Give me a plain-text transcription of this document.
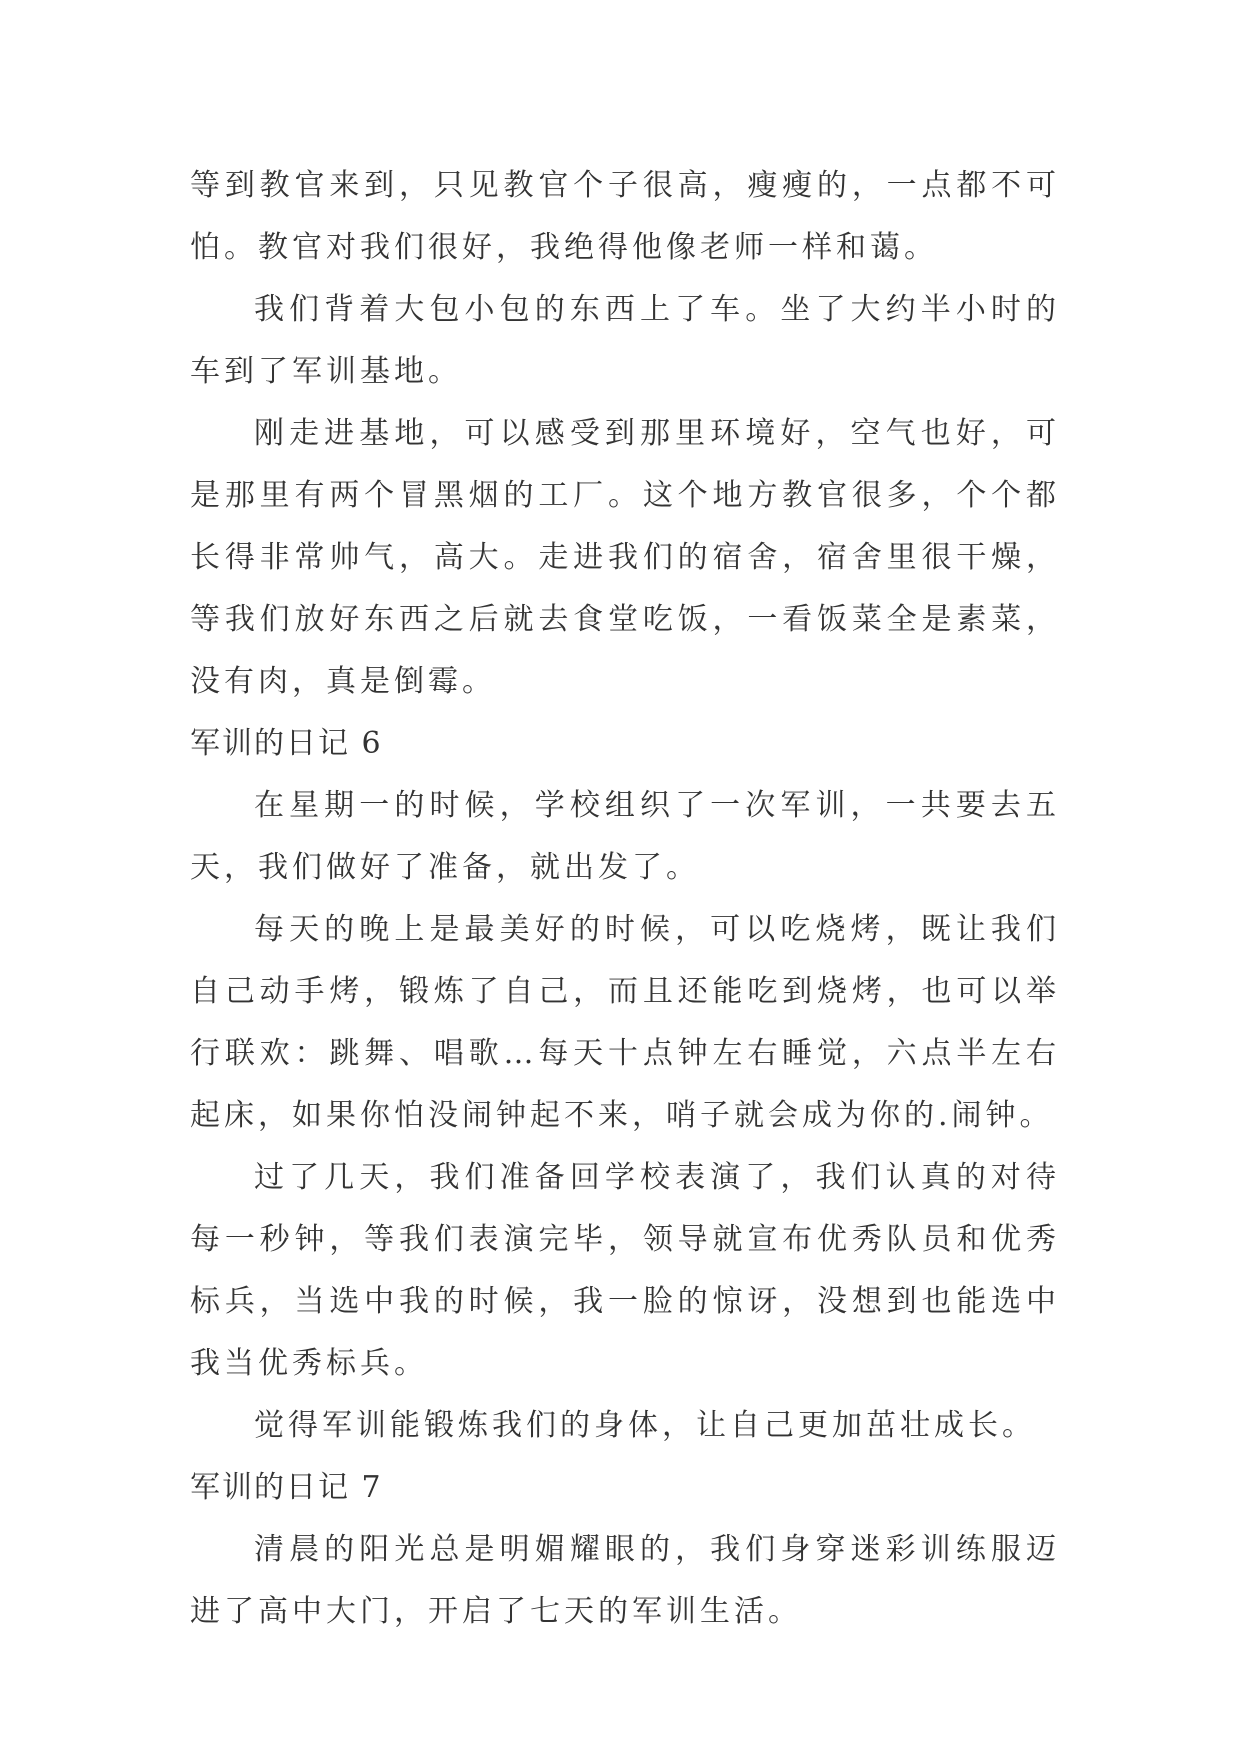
等到教官来到，只见教官个子很高，瘦瘦的，一点都不可怕。教官对我们很好，我绝得他像老师一样和蔼。

我们背着大包小包的东西上了车。坐了大约半小时的车到了军训基地。

刚走进基地，可以感受到那里环境好，空气也好，可是那里有两个冒黑烟的工厂。这个地方教官很多，个个都长得非常帅气，高大。走进我们的宿舍，宿舍里很干燥，等我们放好东西之后就去食堂吃饭，一看饭菜全是素菜，没有肉，真是倒霉。

军训的日记 6

在星期一的时候，学校组织了一次军训，一共要去五天，我们做好了准备，就出发了。

每天的晚上是最美好的时候，可以吃烧烤，既让我们自己动手烤，锻炼了自己，而且还能吃到烧烤，也可以举行联欢：跳舞、唱歌…每天十点钟左右睡觉，六点半左右起床，如果你怕没闹钟起不来，哨子就会成为你的.闹钟。

过了几天，我们准备回学校表演了，我们认真的对待每一秒钟，等我们表演完毕，领导就宣布优秀队员和优秀标兵，当选中我的时候，我一脸的惊讶，没想到也能选中我当优秀标兵。

觉得军训能锻炼我们的身体，让自己更加茁壮成长。

军训的日记 7

清晨的阳光总是明媚耀眼的，我们身穿迷彩训练服迈进了高中大门，开启了七天的军训生活。
